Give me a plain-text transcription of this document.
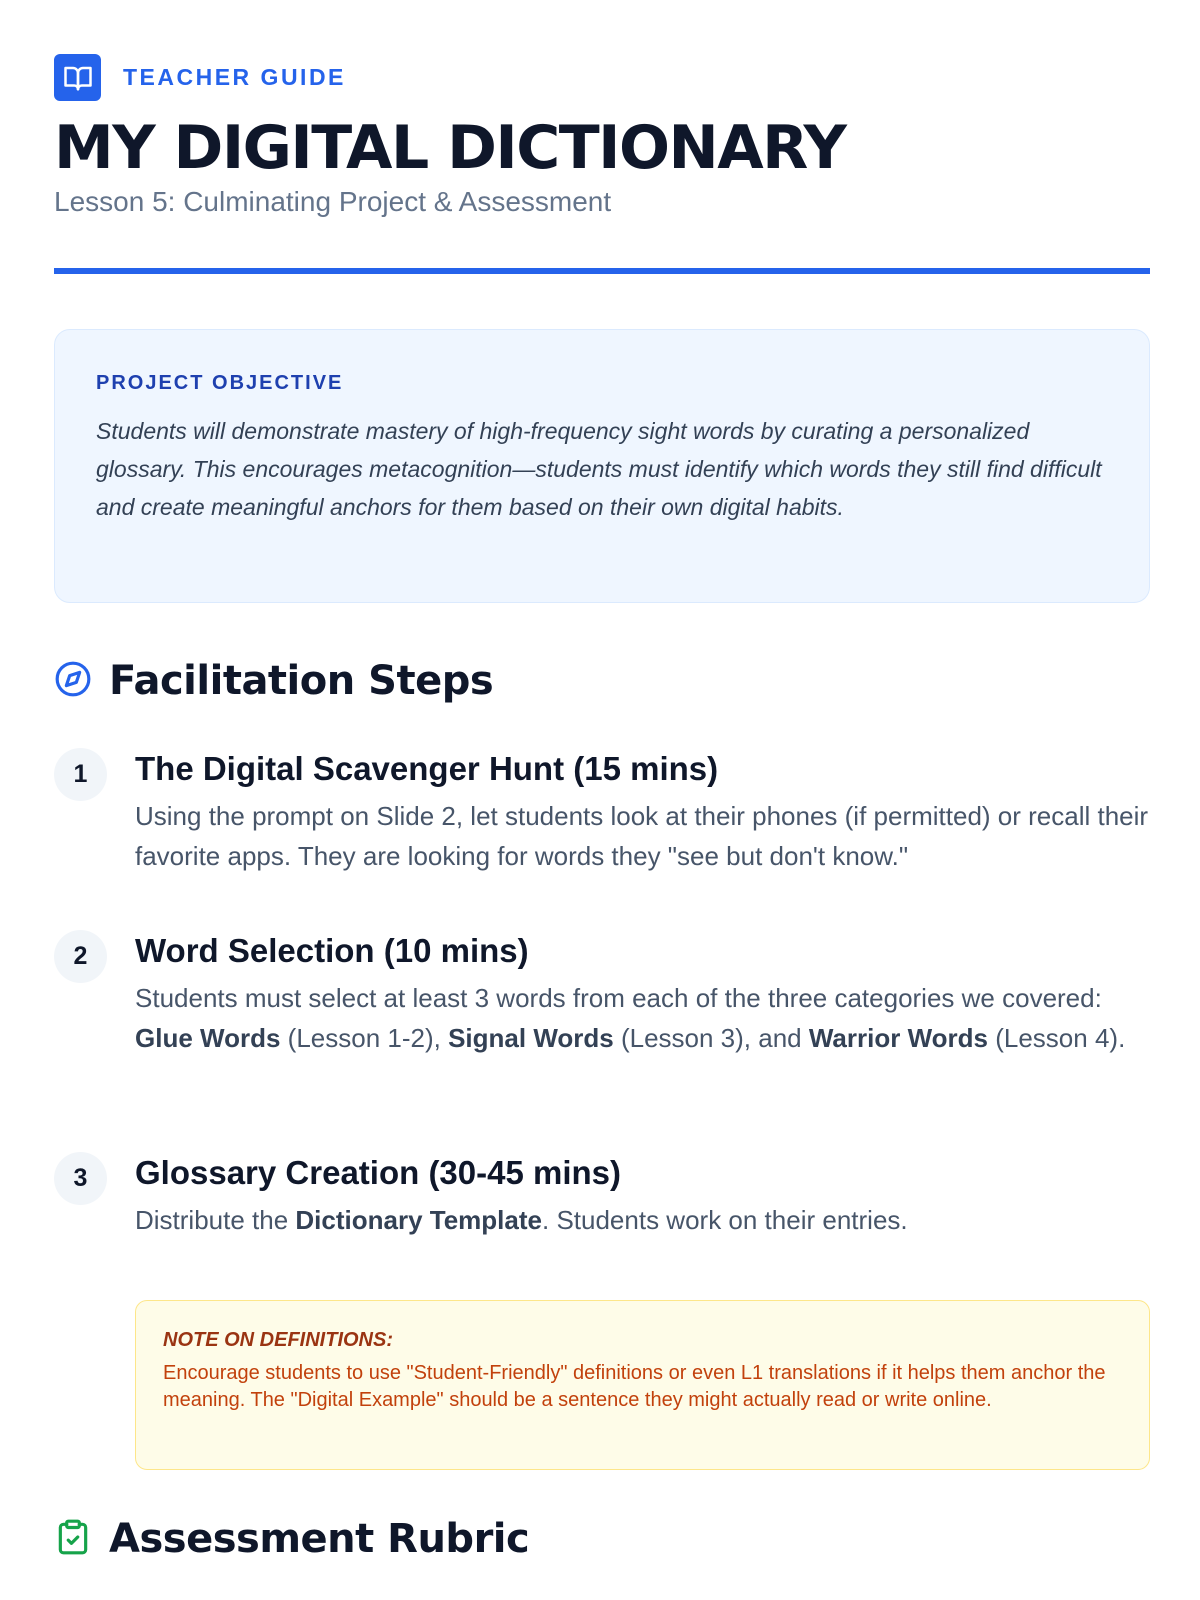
TEACHER GUIDE
MY DIGITAL DICTIONARY
Lesson 5: Culminating Project & Assessment
PROJECT OBJECTIVE
Students will demonstrate mastery of high-frequency sight words by curating a personalized glossary. This encourages metacognition—students must identify which words they still find difficult and create meaningful anchors for them based on their own digital habits.
Facilitation Steps
1	The Digital Scavenger Hunt (15 mins)
Using the prompt on Slide 2, let students look at their phones (if permitted) or recall their favorite apps. They are looking for words they "see but don't know."
2	Word Selection (10 mins)
Students must select at least 3 words from each of the three categories we covered: Glue Words (Lesson 1-2), Signal Words (Lesson 3), and Warrior Words (Lesson 4).
3	Glossary Creation (30-45 mins)
Distribute the Dictionary Template. Students work on their entries.
NOTE ON DEFINITIONS:
Encourage students to use "Student-Friendly" definitions or even L1 translations if it helps them anchor the meaning. The "Digital Example" should be a sentence they might actually read or write online.
Assessment Rubric
